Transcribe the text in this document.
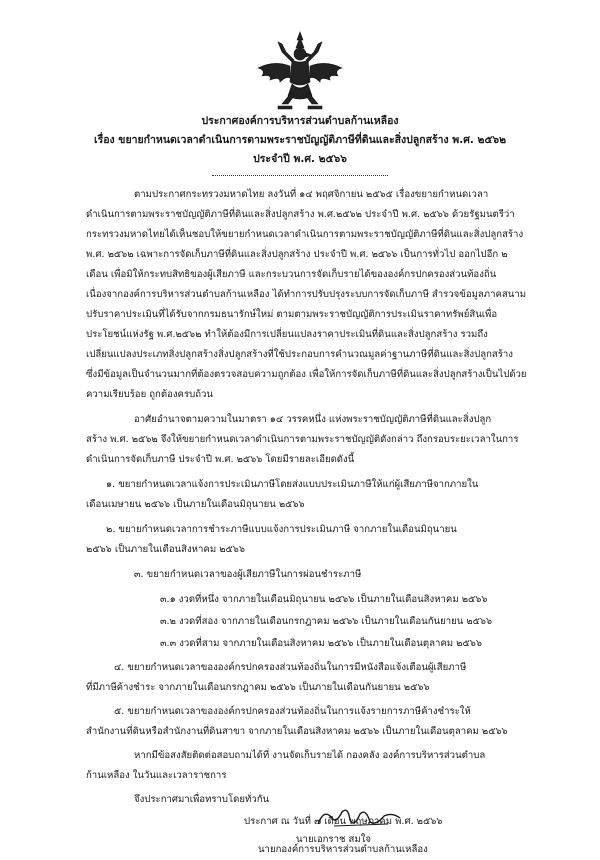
ประกาศองค์การบริหารส่วนตำบลก้านเหลือง
เรื่อง ขยายกำหนดเวลาดำเนินการตามพระราชบัญญัติภาษีที่ดินและสิ่งปลูกสร้าง พ.ศ. ๒๕๖๒
ประจำปี พ.ศ. ๒๕๖๖
ตามประกาศกระทรวงมหาดไทย ลงวันที่ ๑๔ พฤศจิกายน ๒๕๖๕ เรื่องขยายกำหนดเวลา
ดำเนินการตามพระราชบัญญัติภาษีที่ดินและสิ่งปลูกสร้าง พ.ศ.๒๕๖๒ ประจำปี พ.ศ. ๒๕๖๖ ด้วยรัฐมนตรีว่า
กระทรวงมหาดไทยได้เห็นชอบให้ขยายกำหนดเวลาดำเนินการตามพระราชบัญญัติภาษีที่ดินและสิ่งปลูกสร้าง
พ.ศ. ๒๕๖๒ เฉพาะการจัดเก็บภาษีที่ดินและสิ่งปลูกสร้าง ประจำปี พ.ศ. ๒๕๖๖ เป็นการทั่วไป ออกไปอีก ๒
เดือน เพื่อมิให้กระทบสิทธิของผู้เสียภาษี และกระบวนการจัดเก็บรายได้ขององค์กรปกครองส่วนท้องถิ่น
เนื่องจากองค์การบริหารส่วนตำบลก้านเหลือง ได้ทำการปรับปรุงระบบการจัดเก็บภาษี สำรวจข้อมูลภาคสนาม
ปรับราคาประเมินที่ได้รับจากกรมธนารักษ์ใหม่ ตามตามพระราชบัญญัติการประเมินราคาทรัพย์สินเพื่อ
ประโยชน์แห่งรัฐ พ.ศ.๒๕๖๒ ทำให้ต้องมีการเปลี่ยนแปลงราคาประเมินที่ดินและสิ่งปลูกสร้าง รวมถึง
เปลี่ยนแปลงประเภทสิ่งปลูกสร้างสิ่งปลูกสร้างที่ใช้ประกอบการคำนวณมูลค่าฐานภาษีที่ดินและสิ่งปลูกสร้าง
ซึ่งมีข้อมูลเป็นจำนวนมากที่ต้องตรวจสอบความถูกต้อง เพื่อให้การจัดเก็บภาษีที่ดินและสิ่งปลูกสร้างเป็นไปด้วย
ความเรียบร้อย ถูกต้องครบถ้วน
อาศัยอำนาจตามความในมาตรา ๑๔ วรรคหนึ่ง แห่งพระราชบัญญัติภาษีที่ดินและสิ่งปลูก
สร้าง พ.ศ. ๒๕๖๒ จึงให้ขยายกำหนดเวลาดำเนินการตามพระราชบัญญัติดังกล่าว ถึงกรอบระยะเวลาในการ
ดำเนินการจัดเก็บภาษี ประจำปี พ.ศ. ๒๕๖๖ โดยมีรายละเอียดดังนี้
๑. ขยายกำหนดเวลาแจ้งการประเมินภาษีโดยส่งแบบประเมินภาษีให้แก่ผู้เสียภาษีจากภายใน
เดือนเมษายน ๒๕๖๖ เป็นภายในเดือนมิถุนายน ๒๕๖๖
๒. ขยายกำหนดเวลาการชำระภาษีแบบแจ้งการประเมินภาษี จากภายในเดือนมิถุนายน
๒๕๖๖ เป็นภายในเดือนสิงหาคม ๒๕๖๖
๓. ขยายกำหนดเวลาของผู้เสียภาษีในการผ่อนชำระภาษี
๓.๑ งวดที่หนึ่ง จากภายในเดือนมิถุนายน ๒๕๖๖ เป็นภายในเดือนสิงหาคม ๒๕๖๖
๓.๒ งวดที่สอง จากภายในเดือนกรกฎาคม ๒๕๖๖ เป็นภายในเดือนกันยายน ๒๕๖๖
๓.๓ งวดที่สาม จากภายในเดือนสิงหาคม ๒๕๖๖ เป็นภายในเดือนตุลาคม ๒๕๖๖
๔. ขยายกำหนดเวลาขององค์กรปกครองส่วนท้องถิ่นในการมีหนังสือแจ้งเตือนผู้เสียภาษี
ที่มีภาษีค้างชำระ จากภายในเดือนกรกฎาคม ๒๕๖๖ เป็นภายในเดือนกันยายน ๒๕๖๖
๕. ขยายกำหนดเวลาขององค์กรปกครองส่วนท้องถิ่นในการแจ้งรายการภาษีค้างชำระให้
สำนักงานที่ดินหรือสำนักงานที่ดินสาขา จากภายในเดือนสิงหาคม ๒๕๖๖ เป็นภายในเดือนตุลาคม ๒๕๖๖
หากมีข้อสงสัยติดต่อสอบถามได้ที่ งานจัดเก็บรายได้ กองคลัง องค์การบริหารส่วนตำบล
ก้านเหลือง ในวันและเวลาราชการ
จึงประกาศมาเพื่อทราบโดยทั่วกัน
ประกาศ ณ วันที่ ๗ เดือน พฤษภาคม พ.ศ. ๒๕๖๖
นายเอกราช สมใจ
นายกองค์การบริหารส่วนตำบลก้านเหลือง
